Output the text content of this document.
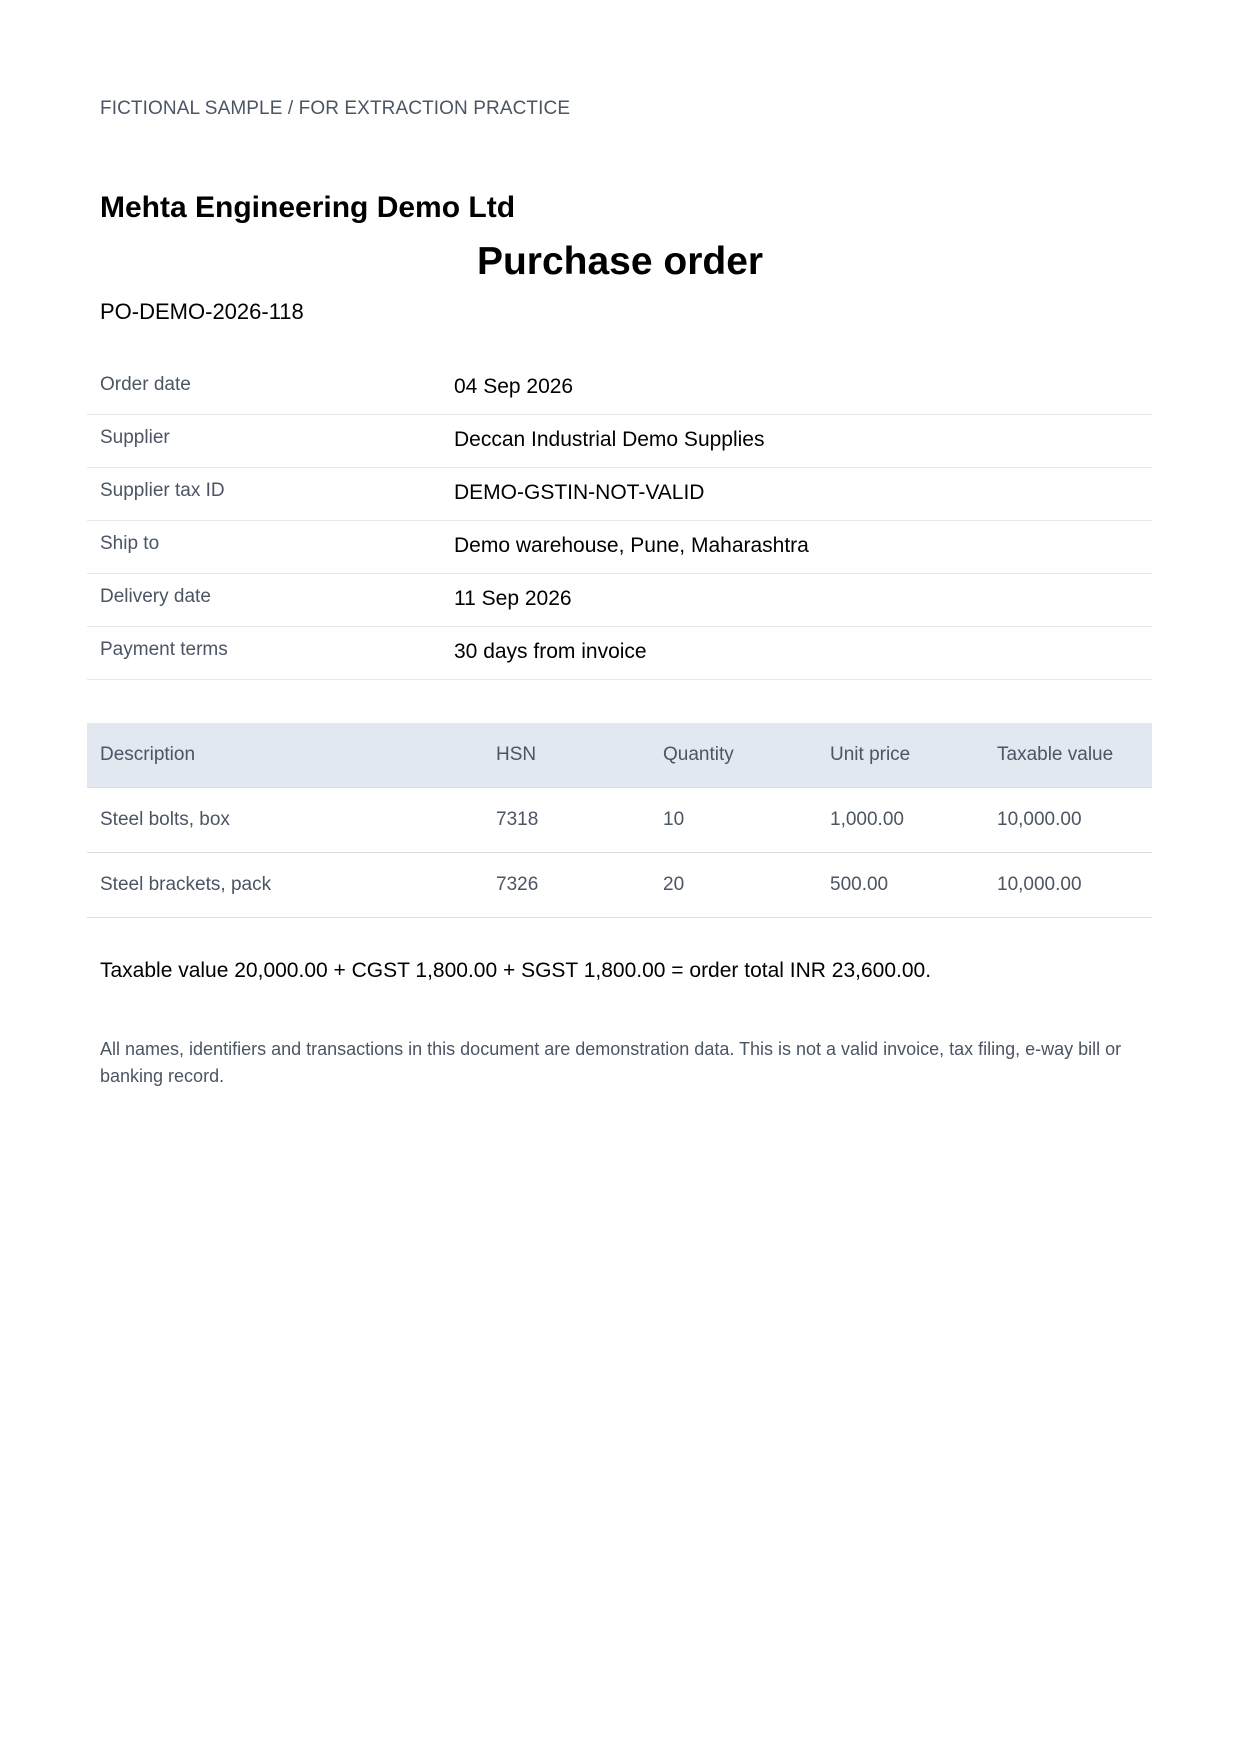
FICTIONAL SAMPLE / FOR EXTRACTION PRACTICE
Mehta Engineering Demo Ltd
Purchase order
PO-DEMO-2026-118
Order date	04 Sep 2026
Supplier	Deccan Industrial Demo Supplies
Supplier tax ID	DEMO-GSTIN-NOT-VALID
Ship to	Demo warehouse, Pune, Maharashtra
Delivery date	11 Sep 2026
Payment terms	30 days from invoice
Description	HSN	Quantity	Unit price	Taxable value
Steel bolts, box	7318	10	1,000.00	10,000.00
Steel brackets, pack	7326	20	500.00	10,000.00
Taxable value 20,000.00 + CGST 1,800.00 + SGST 1,800.00 = order total INR 23,600.00.
All names, identifiers and transactions in this document are demonstration data. This is not a valid invoice, tax filing, e-way bill or banking record.
